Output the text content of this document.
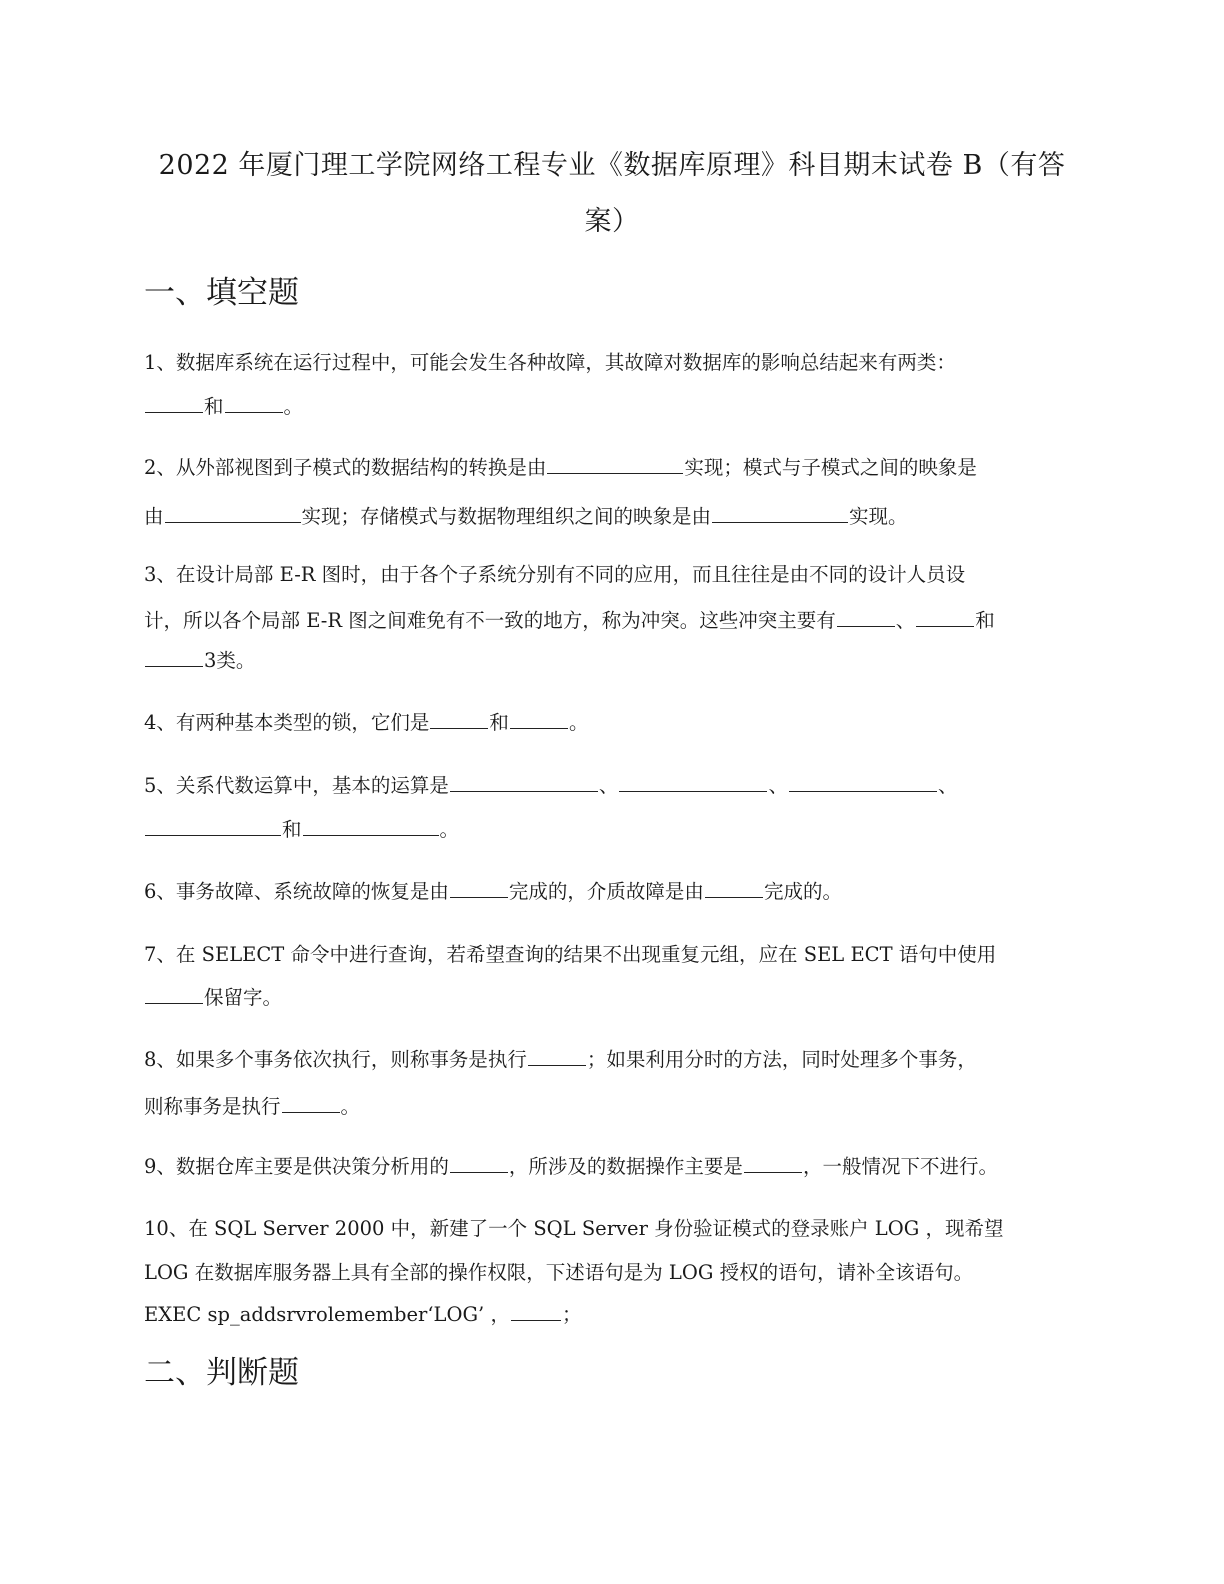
2022 年厦门理工学院网络工程专业《数据库原理》科目期末试卷 B（有答
案）
一、填空题
1、数据库系统在运行过程中，可能会发生各种故障，其故障对数据库的影响总结起来有两类：
和	。
2、从外部视图到子模式的数据结构的转换是由	实现；模式与子模式之间的映象是
由	实现；存储模式与数据物理组织之间的映象是由	实现。
3、在设计局部 E-R 图时，由于各个子系统分别有不同的应用，而且往往是由不同的设计人员设
计，所以各个局部 E-R 图之间难免有不一致的地方，称为冲突。这些冲突主要有	、	和
3类。
4、有两种基本类型的锁，它们是	和	。
5、关系代数运算中，基本的运算是	、	、	、
和	。
6、事务故障、系统故障的恢复是由	完成的，介质故障是由	完成的。
7、在 SELECT 命令中进行查询，若希望查询的结果不出现重复元组，应在 SEL ECT 语句中使用
保留字。
8、如果多个事务依次执行，则称事务是执行	；如果利用分时的方法，同时处理多个事务，
则称事务是执行	。
9、数据仓库主要是供决策分析用的	，所涉及的数据操作主要是	，一般情况下不进行。
10、在 SQL Server 2000 中，新建了一个 SQL Server 身份验证模式的登录账户 LOG ，现希望
LOG 在数据库服务器上具有全部的操作权限，下述语句是为 LOG 授权的语句，请补全该语句。
EXEC sp_addsrvrolemember‘LOG’ ，	；
二、判断题
